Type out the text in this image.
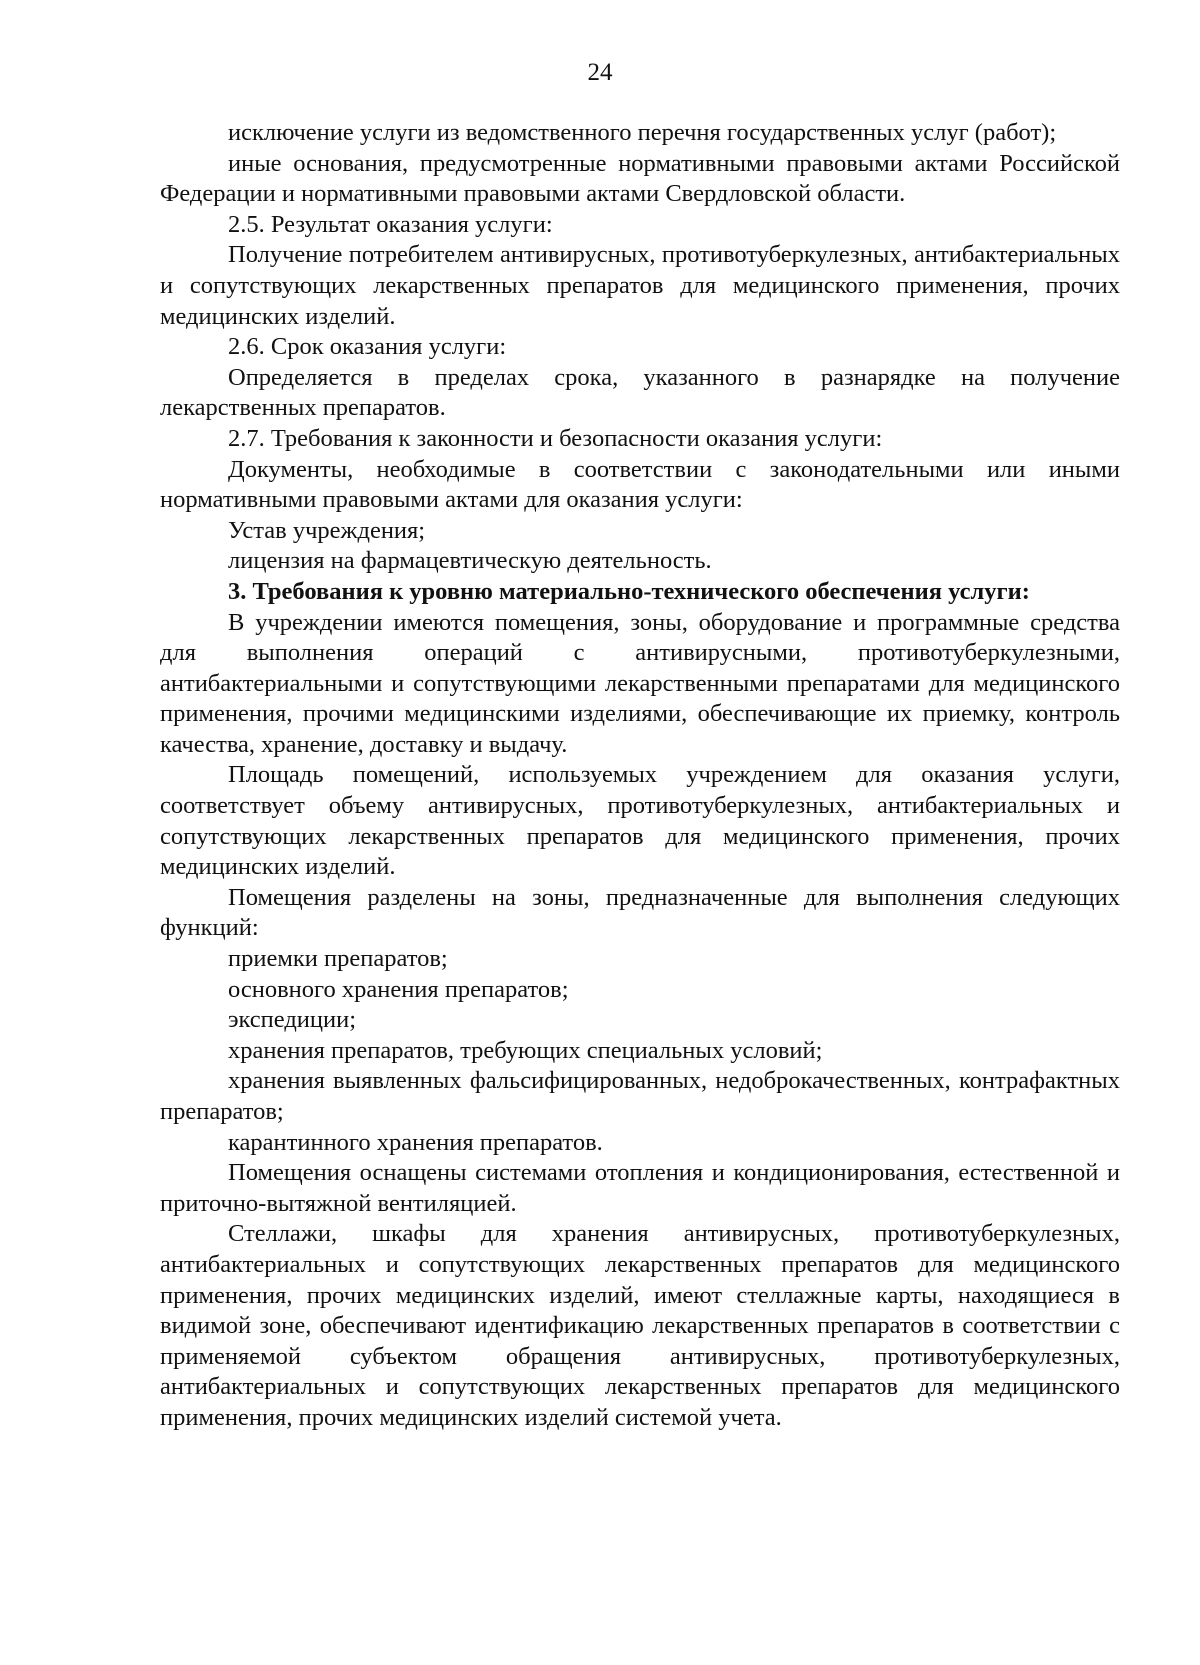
24

исключение услуги из ведомственного перечня государственных услуг (работ);

иные основания, предусмотренные нормативными правовыми актами Российской Федерации и нормативными правовыми актами Свердловской области.

2.5. Результат оказания услуги:

Получение потребителем антивирусных, противотуберкулезных, антибактериальных и сопутствующих лекарственных препаратов для медицинского применения, прочих медицинских изделий.

2.6. Срок оказания услуги:

Определяется в пределах срока, указанного в разнарядке на получение лекарственных препаратов.

2.7. Требования к законности и безопасности оказания услуги:

Документы, необходимые в соответствии с законодательными или иными нормативными правовыми актами для оказания услуги:

Устав учреждения;

лицензия на фармацевтическую деятельность.

3. Требования к уровню материально-технического обеспечения услуги:

В учреждении имеются помещения, зоны, оборудование и программные средства для выполнения операций с антивирусными, противотуберкулезными, антибактериальными и сопутствующими лекарственными препаратами для медицинского применения, прочими медицинскими изделиями, обеспечивающие их приемку, контроль качества, хранение, доставку и выдачу.

Площадь помещений, используемых учреждением для оказания услуги, соответствует объему антивирусных, противотуберкулезных, антибактериальных и сопутствующих лекарственных препаратов для медицинского применения, прочих медицинских изделий.

Помещения разделены на зоны, предназначенные для выполнения следующих функций:

приемки препаратов;

основного хранения препаратов;

экспедиции;

хранения препаратов, требующих специальных условий;

хранения выявленных фальсифицированных, недоброкачественных, контрафактных препаратов;

карантинного хранения препаратов.

Помещения оснащены системами отопления и кондиционирования, естественной и приточно-вытяжной вентиляцией.

Стеллажи, шкафы для хранения антивирусных, противотуберкулезных, антибактериальных и сопутствующих лекарственных препаратов для медицинского применения, прочих медицинских изделий, имеют стеллажные карты, находящиеся в видимой зоне, обеспечивают идентификацию лекарственных препаратов в соответствии с применяемой субъектом обращения антивирусных, противотуберкулезных, антибактериальных и сопутствующих лекарственных препаратов для медицинского применения, прочих медицинских изделий системой учета.
